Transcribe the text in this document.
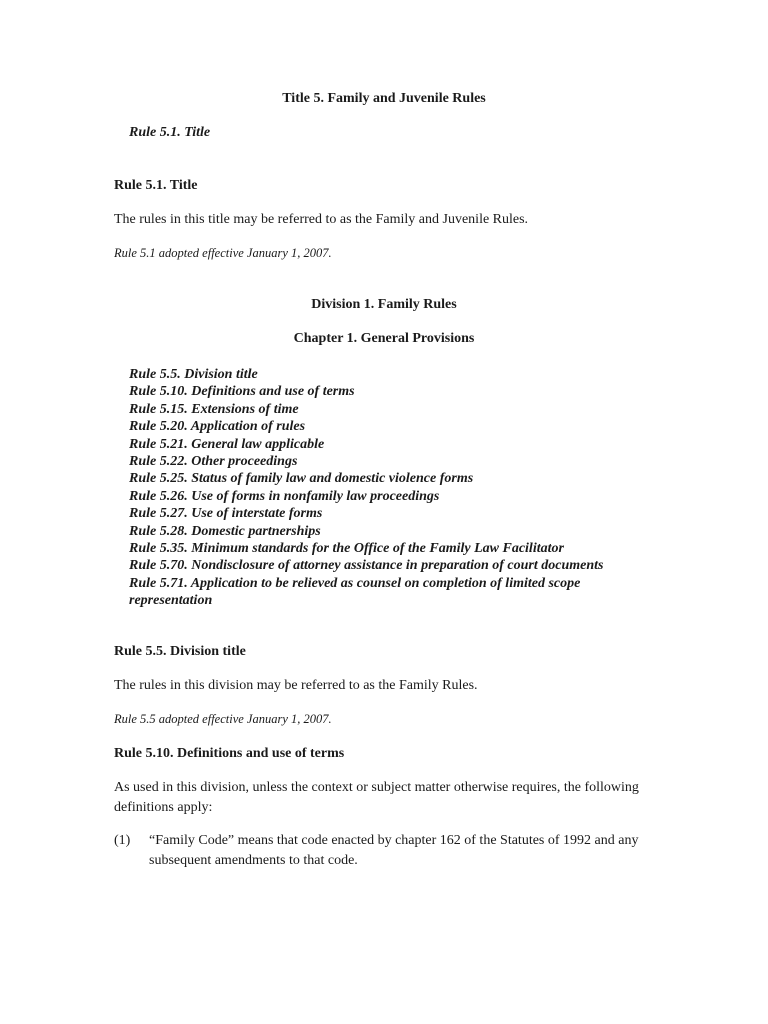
Title 5. Family and Juvenile Rules
Rule 5.1. Title
Rule 5.1. Title
The rules in this title may be referred to as the Family and Juvenile Rules.
Rule 5.1 adopted effective January 1, 2007.
Division 1. Family Rules
Chapter 1. General Provisions
Rule 5.5. Division title
Rule 5.10. Definitions and use of terms
Rule 5.15. Extensions of time
Rule 5.20. Application of rules
Rule 5.21. General law applicable
Rule 5.22. Other proceedings
Rule 5.25. Status of family law and domestic violence forms
Rule 5.26. Use of forms in nonfamily law proceedings
Rule 5.27. Use of interstate forms
Rule 5.28. Domestic partnerships
Rule 5.35. Minimum standards for the Office of the Family Law Facilitator
Rule 5.70. Nondisclosure of attorney assistance in preparation of court documents
Rule 5.71. Application to be relieved as counsel on completion of limited scope representation
Rule 5.5. Division title
The rules in this division may be referred to as the Family Rules.
Rule 5.5 adopted effective January 1, 2007.
Rule 5.10. Definitions and use of terms
As used in this division, unless the context or subject matter otherwise requires, the following definitions apply:
(1) “Family Code” means that code enacted by chapter 162 of the Statutes of 1992 and any subsequent amendments to that code.
